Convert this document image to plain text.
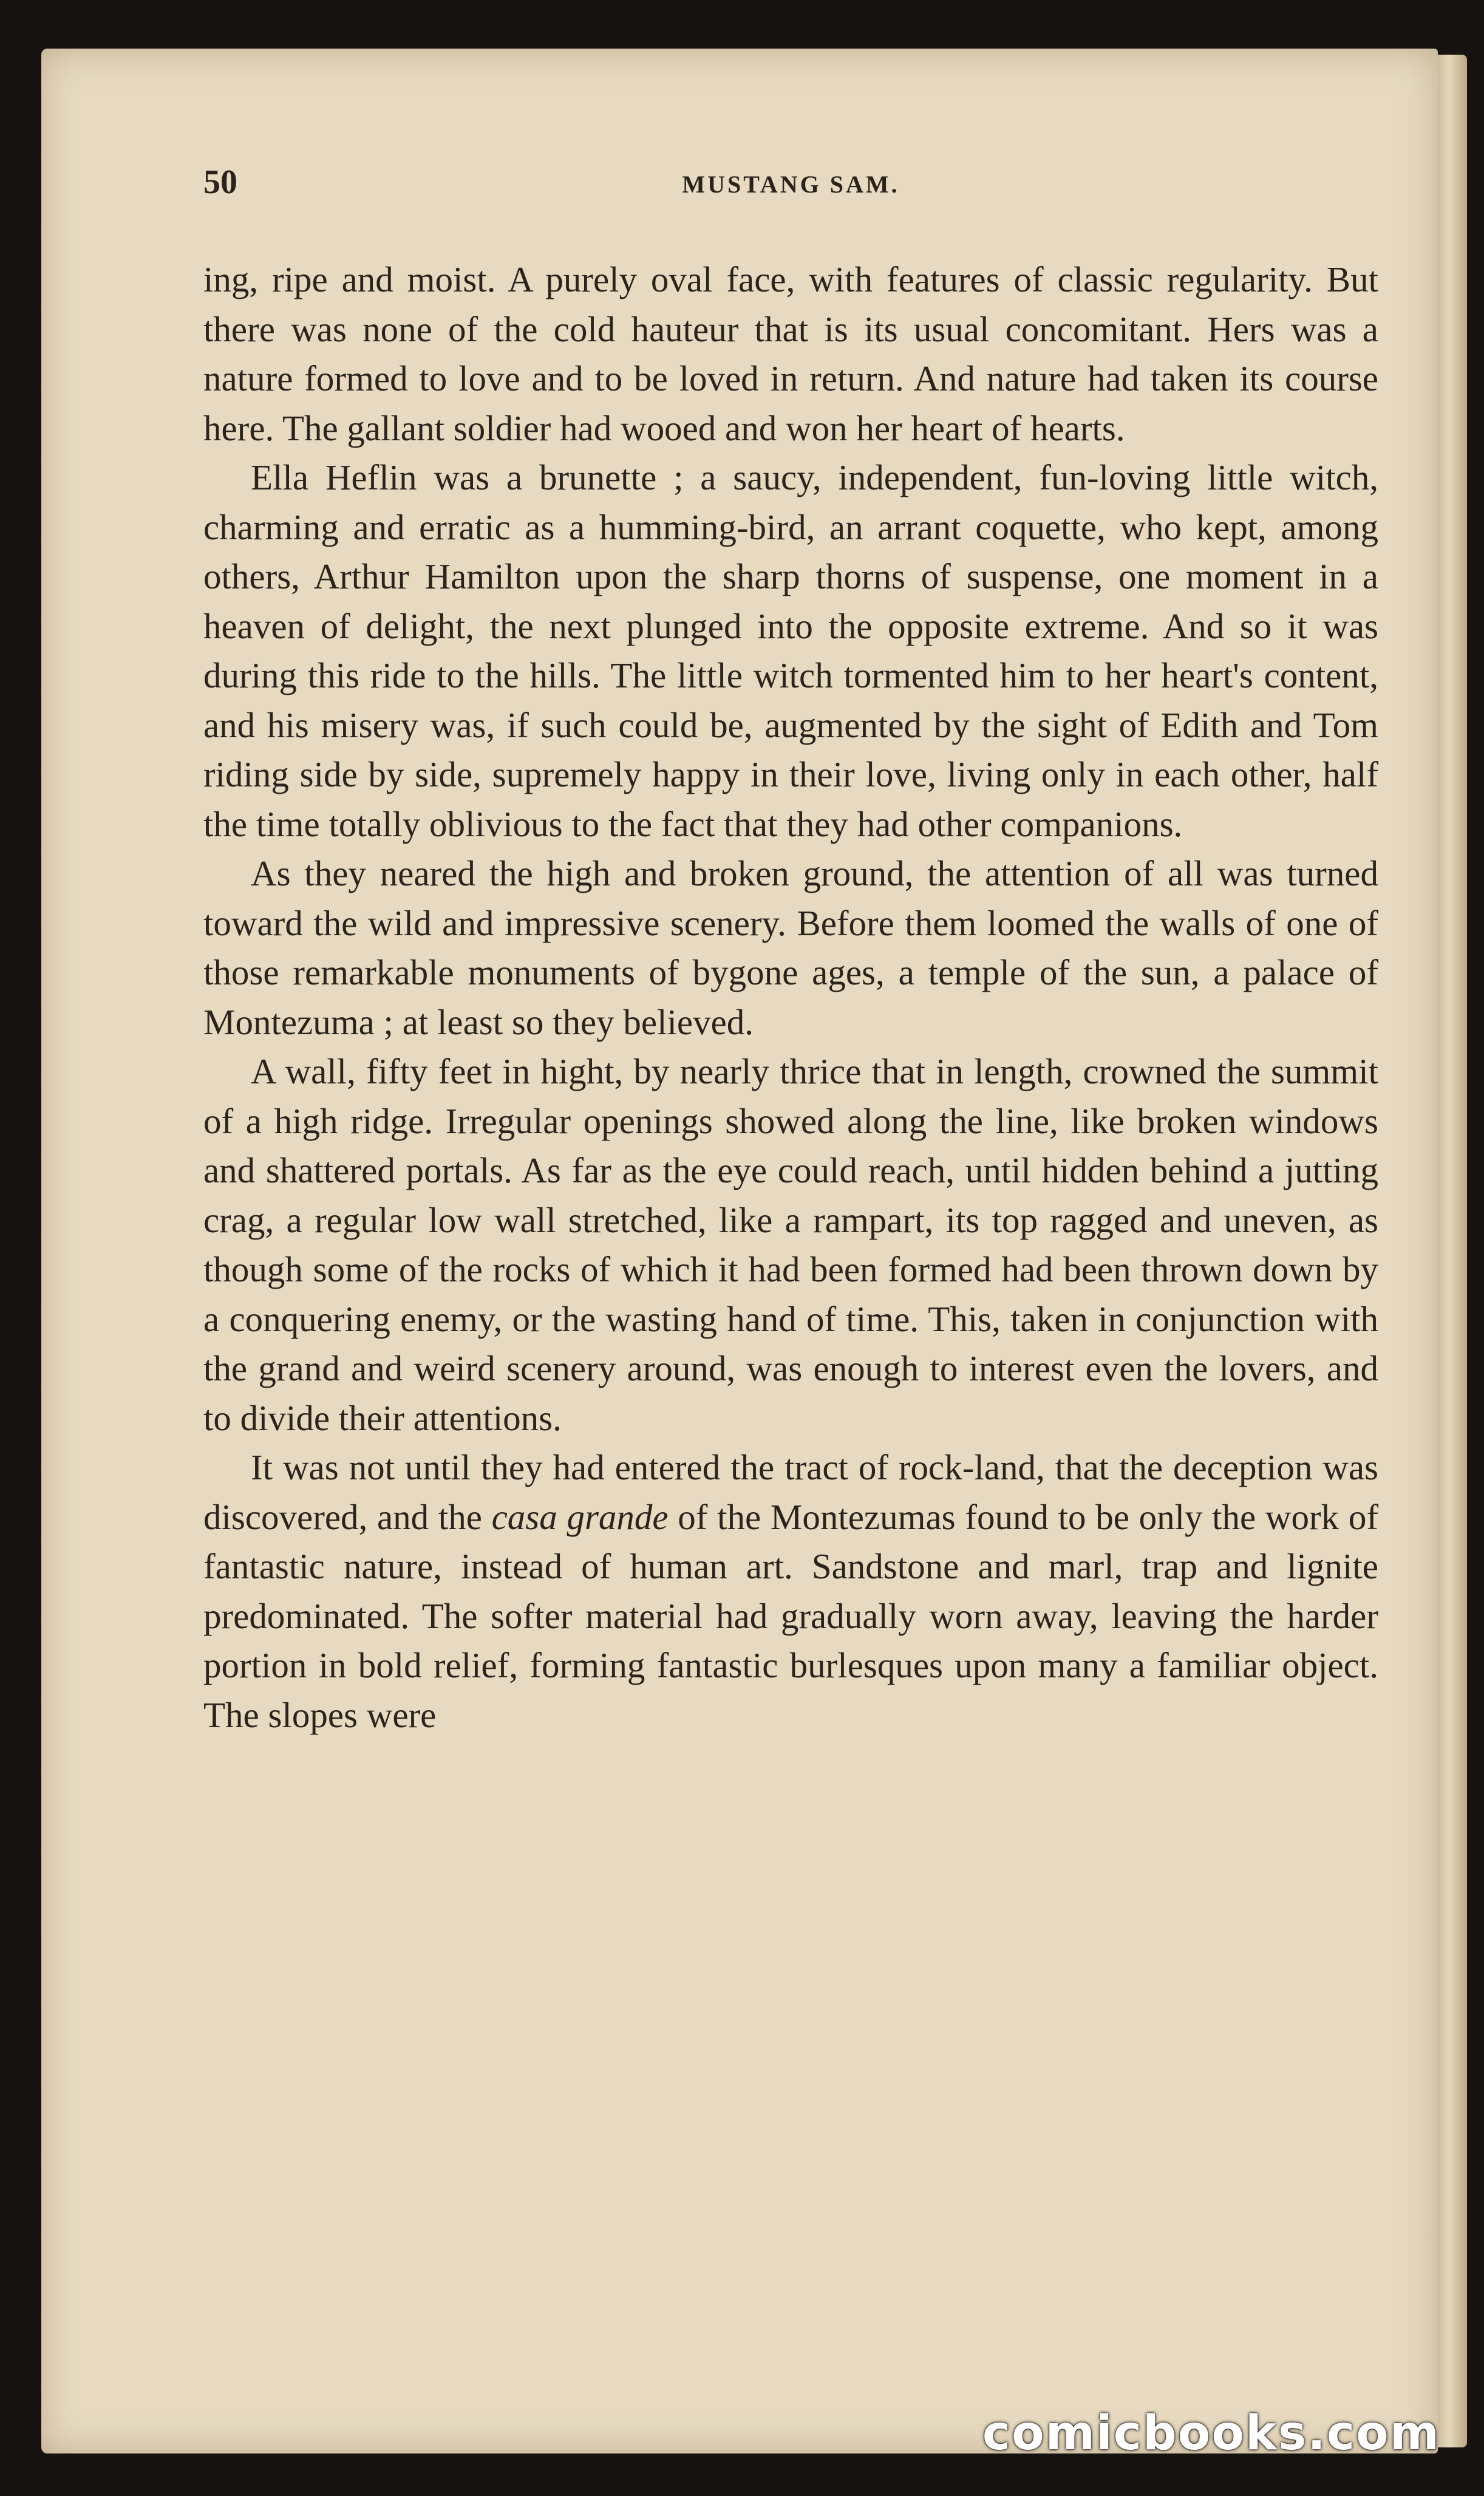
50	MUSTANG SAM.

ing, ripe and moist. A purely oval face, with features of classic regularity. But there was none of the cold hauteur that is its usual concomitant. Hers was a nature formed to love and to be loved in return. And nature had taken its course here. The gallant soldier had wooed and won her heart of hearts.

Ella Heflin was a brunette ; a saucy, independent, fun-loving little witch, charming and erratic as a humming-bird, an arrant coquette, who kept, among others, Arthur Hamilton upon the sharp thorns of suspense, one moment in a heaven of delight, the next plunged into the opposite extreme. And so it was during this ride to the hills. The little witch tormented him to her heart's content, and his misery was, if such could be, augmented by the sight of Edith and Tom riding side by side, supremely happy in their love, living only in each other, half the time totally oblivious to the fact that they had other companions.

As they neared the high and broken ground, the attention of all was turned toward the wild and impressive scenery. Before them loomed the walls of one of those remarkable monuments of bygone ages, a temple of the sun, a palace of Montezuma ; at least so they believed.

A wall, fifty feet in hight, by nearly thrice that in length, crowned the summit of a high ridge. Irregular openings showed along the line, like broken windows and shattered portals. As far as the eye could reach, until hidden behind a jutting crag, a regular low wall stretched, like a rampart, its top ragged and uneven, as though some of the rocks of which it had been formed had been thrown down by a conquering enemy, or the wasting hand of time. This, taken in conjunction with the grand and weird scenery around, was enough to interest even the lovers, and to divide their attentions.

It was not until they had entered the tract of rock-land, that the deception was discovered, and the casa grande of the Montezumas found to be only the work of fantastic nature, instead of human art. Sandstone and marl, trap and lignite predominated. The softer material had gradually worn away, leaving the harder portion in bold relief, forming fantastic burlesques upon many a familiar object. The slopes were

comicbooks.com
